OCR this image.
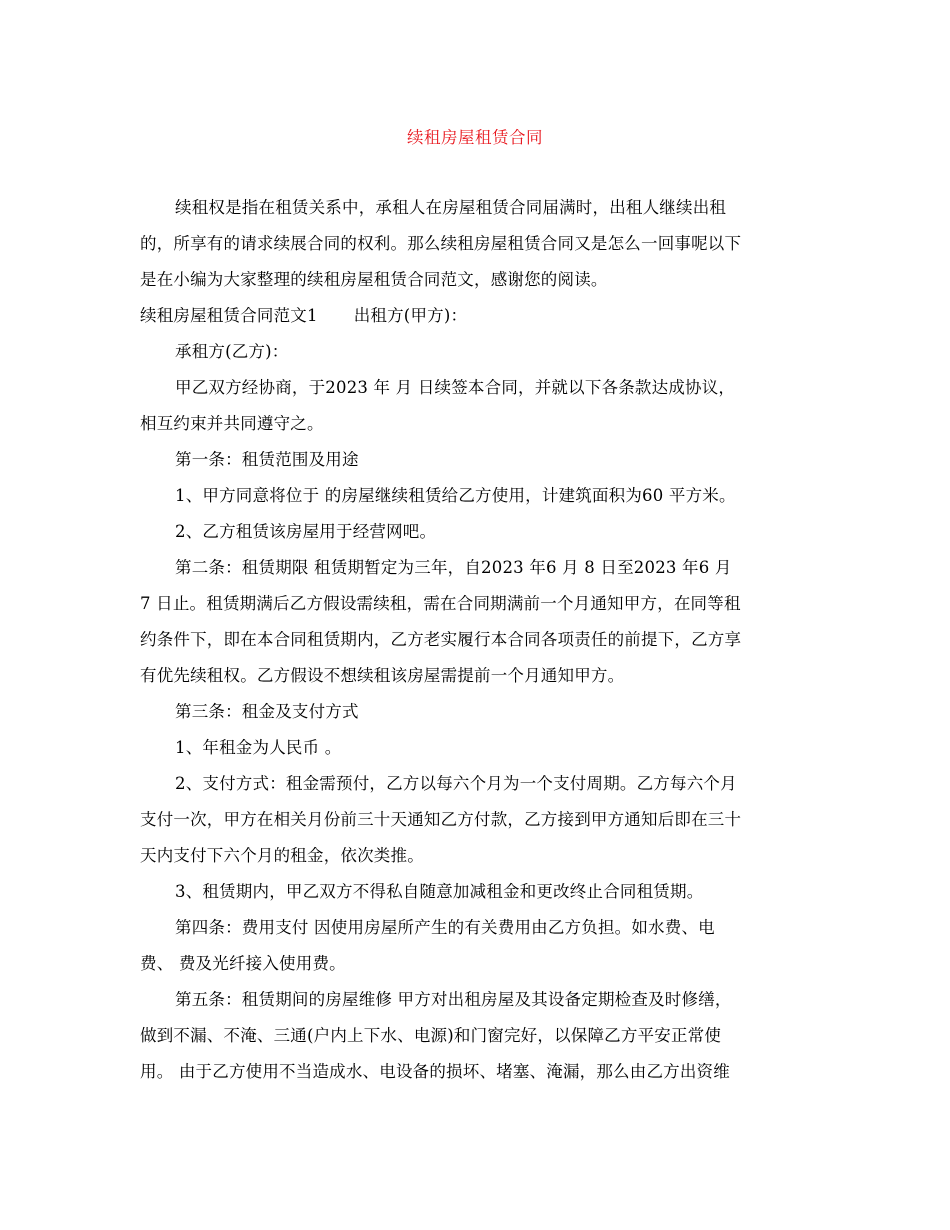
续租房屋租赁合同
续租权是指在租赁关系中，承租人在房屋租赁合同届满时，出租人继续出租
的，所享有的请求续展合同的权利。那么续租房屋租赁合同又是怎么一回事呢以下
是在小编为大家整理的续租房屋租赁合同范文，感谢您的阅读。
续租房屋租赁合同范文1 出租方(甲方)：
承租方(乙方)：
甲乙双方经协商，于2023 年 月 日续签本合同，并就以下各条款达成协议，
相互约束并共同遵守之。
第一条：租赁范围及用途
1、甲方同意将位于 的房屋继续租赁给乙方使用，计建筑面积为60 平方米。
2、乙方租赁该房屋用于经营网吧。
第二条：租赁期限 租赁期暂定为三年，自2023 年6 月 8 日至2023 年6 月
7 日止。租赁期满后乙方假设需续租，需在合同期满前一个月通知甲方，在同等租
约条件下，即在本合同租赁期内，乙方老实履行本合同各项责任的前提下，乙方享
有优先续租权。乙方假设不想续租该房屋需提前一个月通知甲方。
第三条：租金及支付方式
1、年租金为人民币 。
2、支付方式：租金需预付，乙方以每六个月为一个支付周期。乙方每六个月
支付一次，甲方在相关月份前三十天通知乙方付款，乙方接到甲方通知后即在三十
天内支付下六个月的租金，依次类推。
3、租赁期内，甲乙双方不得私自随意加减租金和更改终止合同租赁期。
第四条：费用支付 因使用房屋所产生的有关费用由乙方负担。如水费、电
费、 费及光纤接入使用费。
第五条：租赁期间的房屋维修 甲方对出租房屋及其设备定期检查及时修缮，
做到不漏、不淹、三通(户内上下水、电源)和门窗完好，以保障乙方平安正常使
用。 由于乙方使用不当造成水、电设备的损坏、堵塞、淹漏，那么由乙方出资维
